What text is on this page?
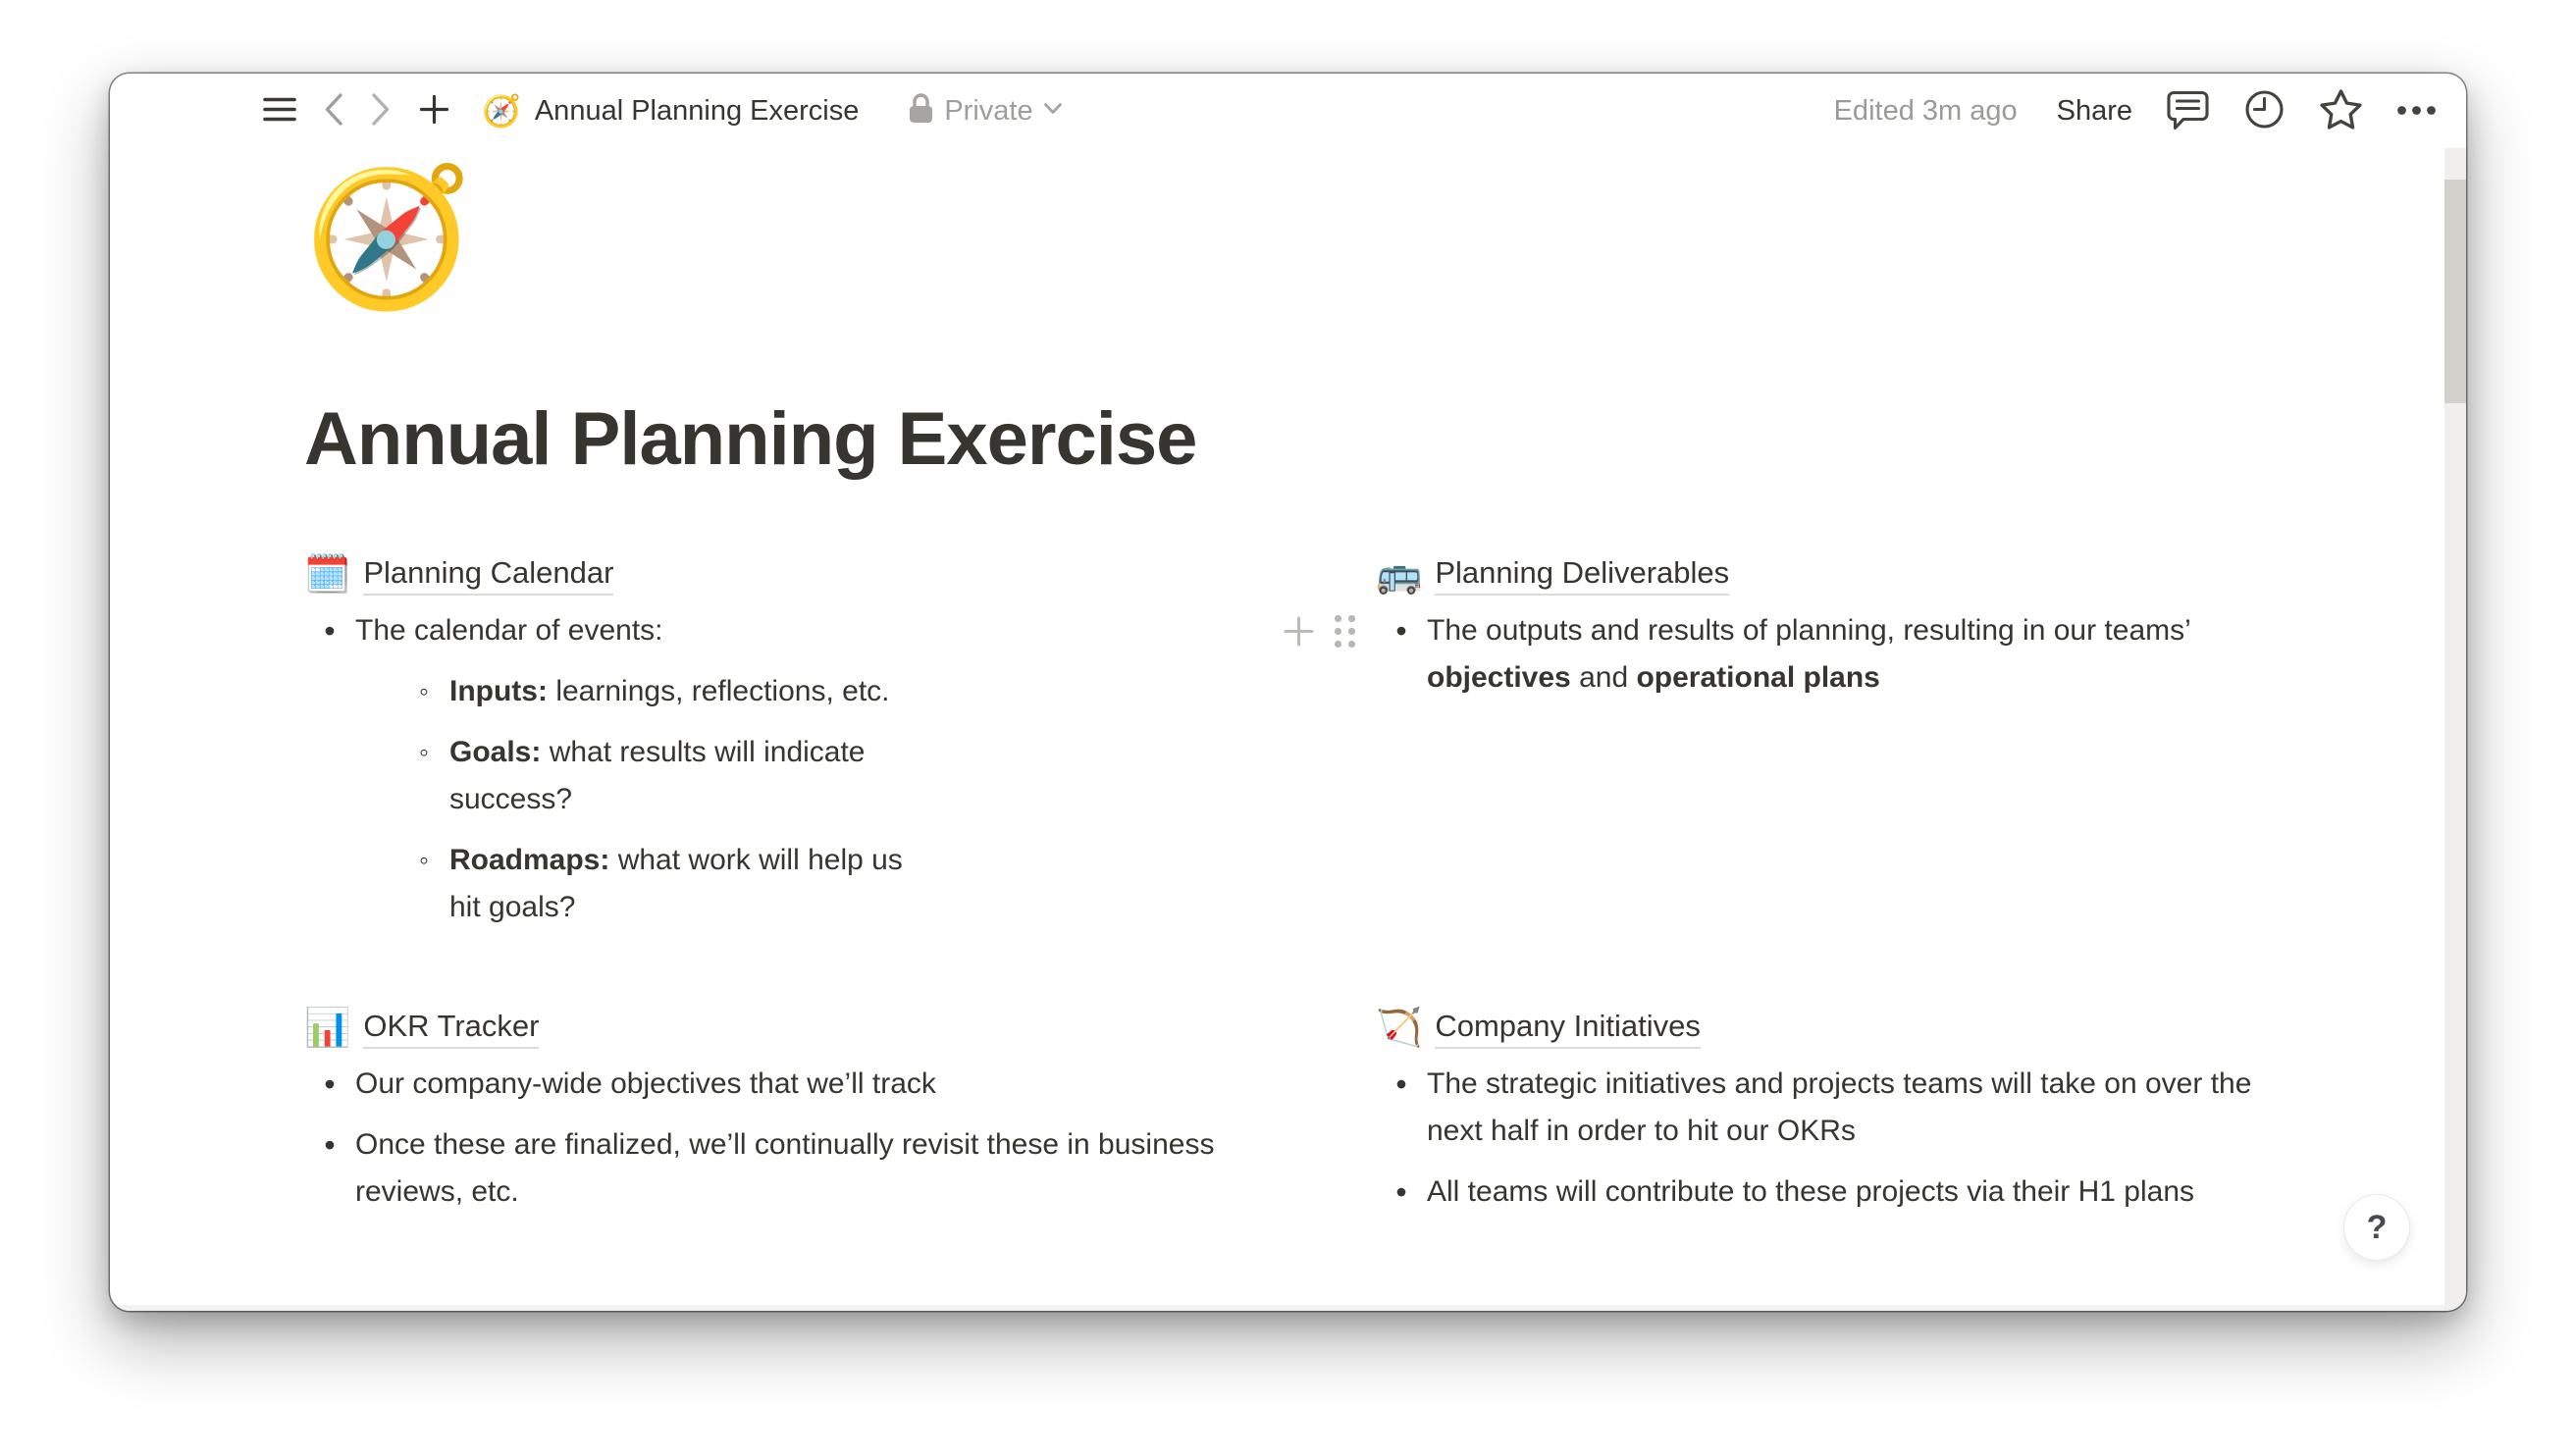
🧭 Annual Planning Exercise	Private	Edited 3m ago Share
🧭
Annual Planning Exercise
🗓️ Planning Calendar
• The calendar of events:
◦ Inputs: learnings, reflections, etc.
◦ Goals: what results will indicate success?
◦ Roadmaps: what work will help us hit goals?
🚌 Planning Deliverables
• The outputs and results of planning, resulting in our teams’ objectives and operational plans
📊 OKR Tracker
• Our company-wide objectives that we’ll track
• Once these are finalized, we’ll continually revisit these in business reviews, etc.
🏹 Company Initiatives
• The strategic initiatives and projects teams will take on over the next half in order to hit our OKRs
• All teams will contribute to these projects via their H1 plans
?
